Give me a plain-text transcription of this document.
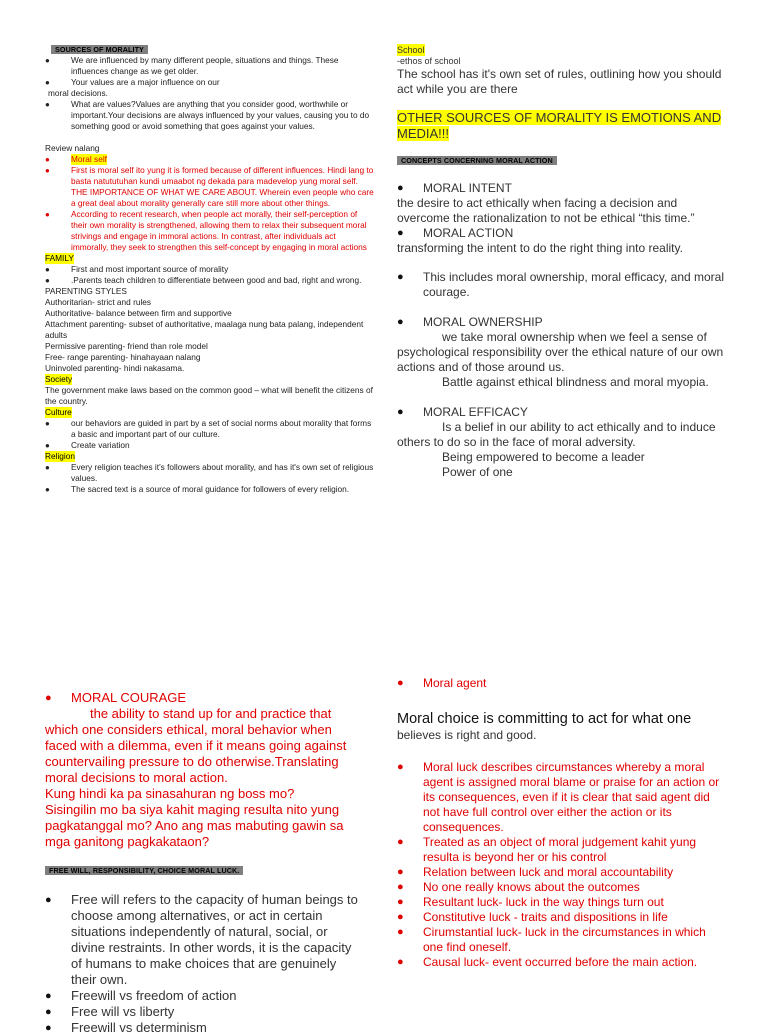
SOURCES OF MORALITY

● We are influenced by many different people, situations and things. These influences change as we get older.

● Your values are a major influence on our

moral decisions.

● What are values?Values are anything that you consider good, worthwhile or important.Your decisions are always influenced by your values, causing you to do something good or avoid something that goes against your values.

Review nalang

● Moral self

● First is moral self ito yung it is formed because of different influences. Hindi lang to basta natututuhan kundi umaabot ng dekada para madevelop yung moral self. THE IMPORTANCE OF WHAT WE CARE ABOUT. Wherein even people who care a great deal about morality generally care still more about other things.

● According to recent research, when people act morally, their self-perception of their own morality is strengthened, allowing them to relax their subsequent moral strivings and engage in immoral actions. In contrast, after individuals act immorally, they seek to strengthen this self-concept by engaging in moral actions

FAMILY

● First and most important source of morality

● .Parents teach children to differentiate between good and bad, right and wrong.

PARENTING STYLES

Authoritarian- strict and rules

Authoritative- balance between firm and supportive

Attachment parenting- subset of authoritative, maalaga nung bata palang, independent adults

Permissive parenting- friend than role model

Free- range parenting- hinahayaan nalang

Uninvoled parenting- hindi nakasama.

Society

The government make laws based on the common good – what will benefit the citizens of the country.

Culture

● our behaviors are guided in part by a set of social norms about morality that forms a basic and important part of our culture.

● Create variation

Religion

● Every religion teaches it's followers about morality, and has it's own set of religious values.

● The sacred text is a source of moral guidance for followers of every religion.

School

-ethos of school

The school has it's own set of rules, outlining how you should act while you are there

OTHER SOURCES OF MORALITY IS EMOTIONS AND MEDIA!!!

CONCEPTS CONCERNING MORAL ACTION

● MORAL INTENT

the desire to act ethically when facing a decision and overcome the rationalization to not be ethical “this time.”

● MORAL ACTION

transforming the intent to do the right thing into reality.

● This includes moral ownership, moral efficacy, and moral courage.

● MORAL OWNERSHIP

we take moral ownership when we feel a sense of psychological responsibility over the ethical nature of our own actions and of those around us.

Battle against ethical blindness and moral myopia.

● MORAL EFFICACY

Is a belief in our ability to act ethically and to induce others to do so in the face of moral adversity.

Being empowered to become a leader

Power of one

● MORAL COURAGE

the ability to stand up for and practice that which one considers ethical, moral behavior when faced with a dilemma, even if it means going against countervailing pressure to do otherwise.Translating moral decisions to moral action.

Kung hindi ka pa sinasahuran ng boss mo?

Sisingilin mo ba siya kahit maging resulta nito yung pagkatanggal mo? Ano ang mas mabuting gawin sa mga ganitong pagkakataon?

FREE WILL, RESPONSIBILITY, CHOICE MORAL LUCK.

● Free will refers to the capacity of human beings to choose among alternatives, or act in certain situations independently of natural, social, or divine restraints. In other words, it is the capacity of humans to make choices that are genuinely their own.

● Freewill vs freedom of action

● Free will vs liberty

● Freewill vs determinism

● Moral agent

Moral choice is committing to act for what one

believes is right and good.

● Moral luck describes circumstances whereby a moral agent is assigned moral blame or praise for an action or its consequences, even if it is clear that said agent did not have full control over either the action or its consequences.

● Treated as an object of moral judgement kahit yung resulta is beyond her or his control

● Relation between luck and moral accountability

● No one really knows about the outcomes

● Resultant luck- luck in the way things turn out

● Constitutive luck - traits and dispositions in life

● Cirumstantial luck- luck in the circumstances in which one find oneself.

● Causal luck- event occurred before the main action.
